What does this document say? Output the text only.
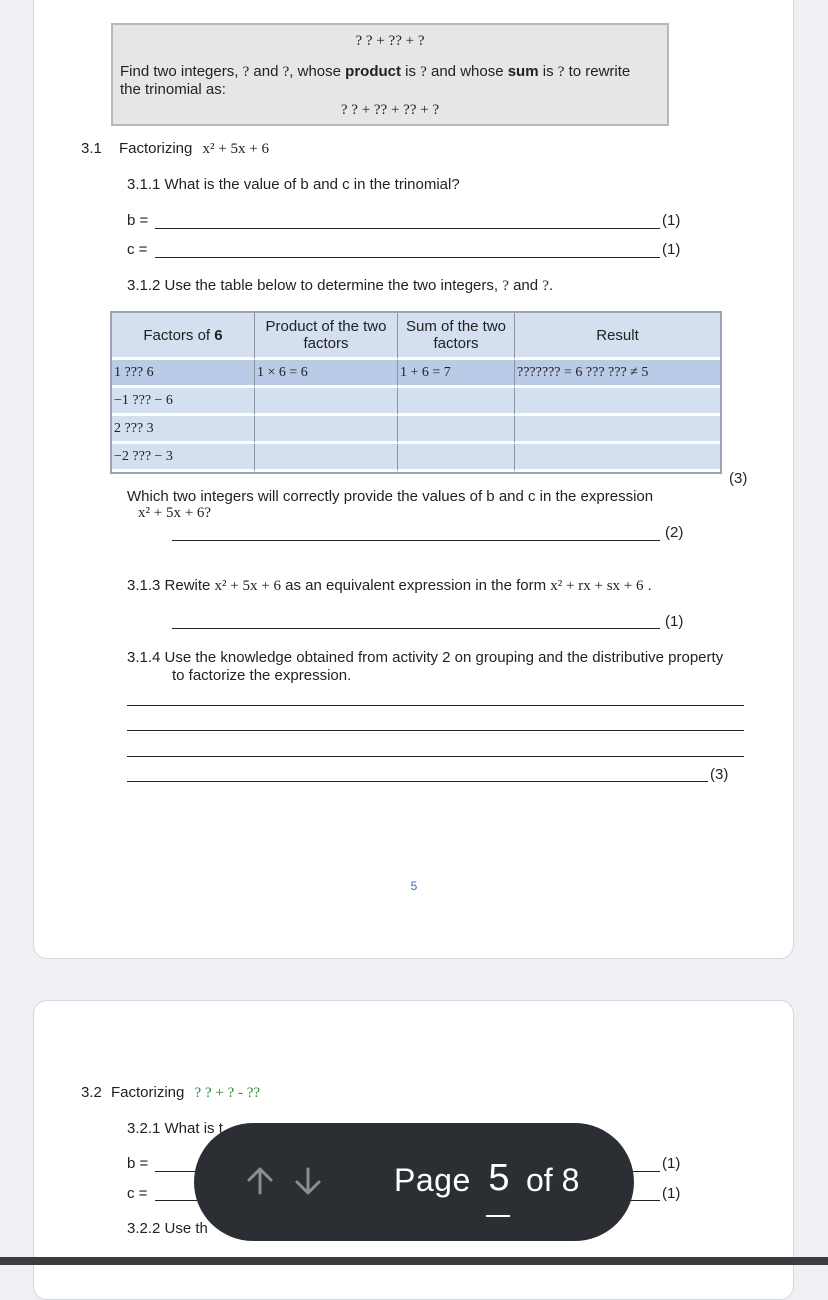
? ? + ?? + ?
Find two integers, ? and ?, whose product is ? and whose sum is ? to rewrite
the trinomial as:
? ? + ?? + ?? + ?
3.1 Factorizing x² + 5x + 6
3.1.1 What is the value of b and c in the trinomial?
b =	(1)
c =	(1)
3.1.2 Use the table below to determine the two integers, ? and ?.
Factors of 6	Product of the two factors	Sum of the two factors	Result
1 ??? 6	1 × 6 = 6	1 + 6 = 7	??????? = 6 ??? ??? ≠ 5
−1 ??? − 6			
2 ??? 3			
−2 ??? − 3			
(3)
Which two integers will correctly provide the values of b and c in the expression
x² + 5x + 6?
(2)
3.1.3 Rewite x² + 5x + 6 as an equivalent expression in the form x² + rx + sx + 6 .
(1)
3.1.4 Use the knowledge obtained from activity 2 on grouping and the distributive property
to factorize the expression.
(3)
5
3.2 Factorizing ? ? + ? - ??
3.2.1 What is t
b =	(1)
c =	(1)
3.2.2 Use th
Page 5 of 8
